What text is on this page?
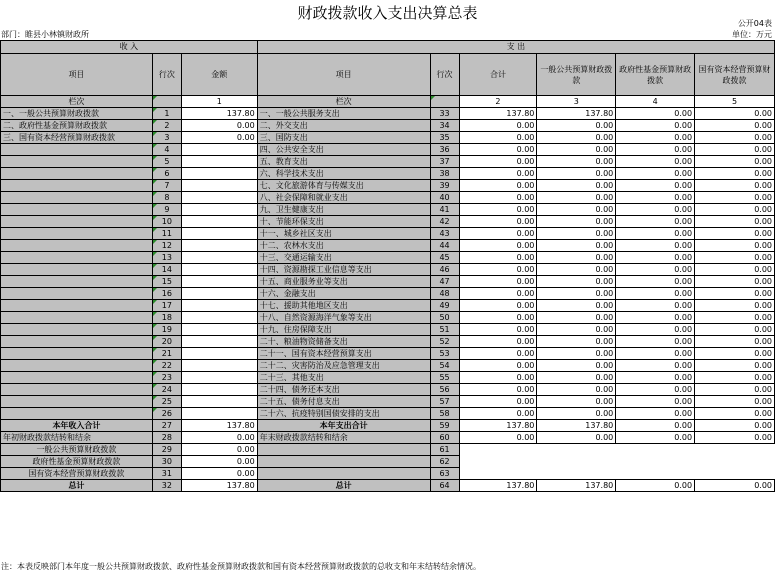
财政拨款收入支出决算总表
公开04表
部门：睢县小林镇财政所	单位：万元
收 入			支 出					
项目	行次	金额	项目	行次	合计	一般公共预算财政拨款	政府性基金预算财政拨款	国有资本经营预算财政拨款
栏次		1	栏次		2	3	4	5
一、一般公共预算财政拨款	1	137.80	一、一般公共服务支出	33	137.80	137.80	0.00	0.00
二、政府性基金预算财政拨款	2	0.00	二、外交支出	34	0.00	0.00	0.00	0.00
三、国有资本经营预算财政拨款	3	0.00	三、国防支出	35	0.00	0.00	0.00	0.00
	4		四、公共安全支出	36	0.00	0.00	0.00	0.00
	5		五、教育支出	37	0.00	0.00	0.00	0.00
	6		六、科学技术支出	38	0.00	0.00	0.00	0.00
	7		七、文化旅游体育与传媒支出	39	0.00	0.00	0.00	0.00
	8		八、社会保障和就业支出	40	0.00	0.00	0.00	0.00
	9		九、卫生健康支出	41	0.00	0.00	0.00	0.00
	10		十、节能环保支出	42	0.00	0.00	0.00	0.00
	11		十一、城乡社区支出	43	0.00	0.00	0.00	0.00
	12		十二、农林水支出	44	0.00	0.00	0.00	0.00
	13		十三、交通运输支出	45	0.00	0.00	0.00	0.00
	14		十四、资源勘探工业信息等支出	46	0.00	0.00	0.00	0.00
	15		十五、商业服务业等支出	47	0.00	0.00	0.00	0.00
	16		十六、金融支出	48	0.00	0.00	0.00	0.00
	17		十七、援助其他地区支出	49	0.00	0.00	0.00	0.00
	18		十八、自然资源海洋气象等支出	50	0.00	0.00	0.00	0.00
	19		十九、住房保障支出	51	0.00	0.00	0.00	0.00
	20		二十、粮油物资储备支出	52	0.00	0.00	0.00	0.00
	21		二十一、国有资本经营预算支出	53	0.00	0.00	0.00	0.00
	22		二十二、灾害防治及应急管理支出	54	0.00	0.00	0.00	0.00
	23		二十三、其他支出	55	0.00	0.00	0.00	0.00
	24		二十四、债务还本支出	56	0.00	0.00	0.00	0.00
	25		二十五、债务付息支出	57	0.00	0.00	0.00	0.00
	26		二十六、抗疫特别国债安排的支出	58	0.00	0.00	0.00	0.00
本年收入合计	27	137.80	本年支出合计	59	137.80	137.80	0.00	0.00
年初财政拨款结转和结余	28	0.00	年末财政拨款结转和结余	60	0.00	0.00	0.00	0.00
一般公共预算财政拨款	29	0.00		61				
政府性基金预算财政拨款	30	0.00		62				
国有资本经营预算财政拨款	31	0.00		63				
总计	32	137.80	总计	64	137.80	137.80	0.00	0.00
注：本表反映部门本年度一般公共预算财政拨款、政府性基金预算财政拨款和国有资本经营预算财政拨款的总收支和年末结转结余情况。
